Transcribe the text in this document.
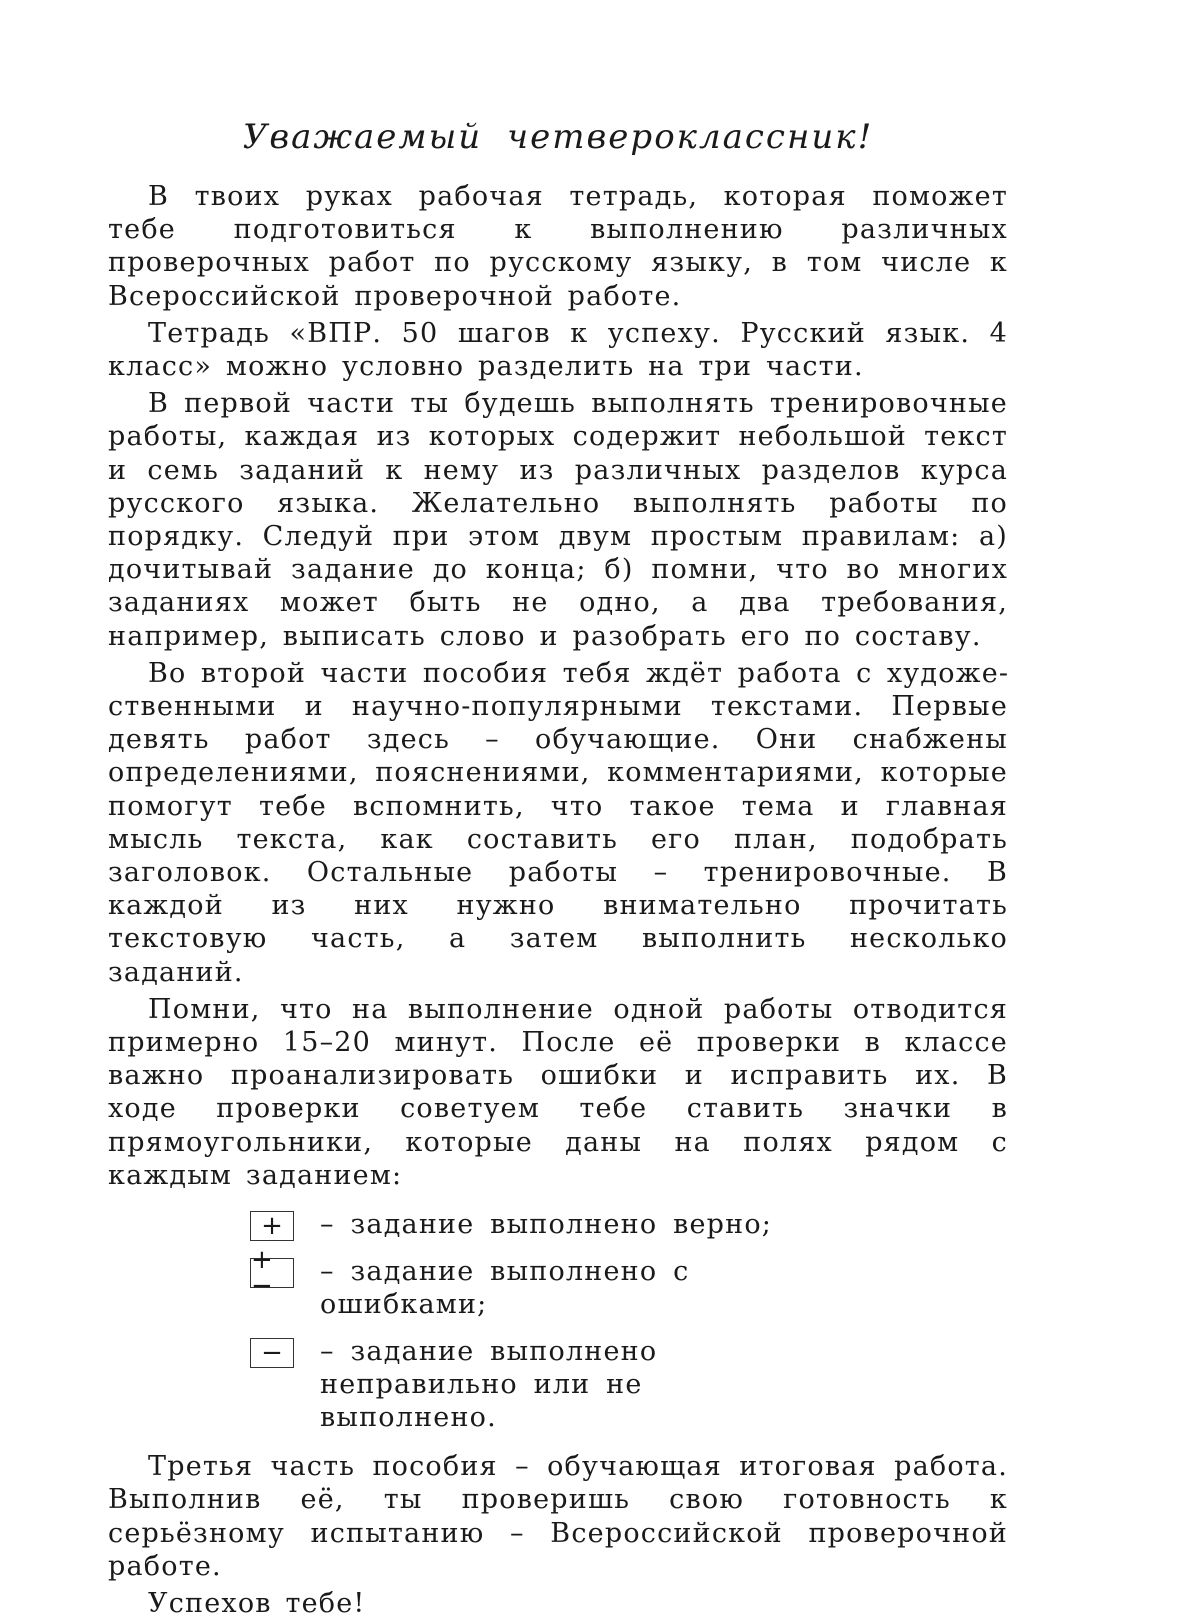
Уважаемый четвероклассник!

В твоих руках рабочая тетрадь, которая поможет тебе подготовиться к выполнению различных проверочных работ по русскому языку, в том числе к Всероссийской проверочной работе.

Тетрадь «ВПР. 50 шагов к успеху. Русский язык. 4 класс» можно условно разделить на три части.

В первой части ты будешь выполнять тренировочные работы, каждая из которых содержит небольшой текст и семь заданий к нему из различных разделов курса русского языка. Желательно выполнять работы по порядку. Следуй при этом двум простым правилам: а) дочитывай задание до конца; б) помни, что во многих заданиях может быть не одно, а два требования, например, выписать слово и разобрать его по составу.

Во второй части пособия тебя ждёт работа с художественными и научно-популярными текстами. Первые девять работ здесь – обучающие. Они снабжены определениями, пояснениями, комментариями, которые помогут тебе вспомнить, что такое тема и главная мысль текста, как составить его план, подобрать заголовок. Остальные работы – тренировочные. В каждой из них нужно внимательно прочитать текстовую часть, а затем выполнить несколько заданий.

Помни, что на выполнение одной работы отводится примерно 15–20 минут. После её проверки в классе важно проанализировать ошибки и исправить их. В ходе проверки советуем тебе ставить значки в прямоугольники, которые даны на полях рядом с каждым заданием:

+	– задание выполнено верно;
+−	– задание выполнено с ошибками;
−	– задание выполнено неправильно или не выполнено.

Третья часть пособия – обучающая итоговая работа. Выполнив её, ты проверишь свою готовность к серьёзному испытанию – Всероссийской проверочной работе.

Успехов тебе!
